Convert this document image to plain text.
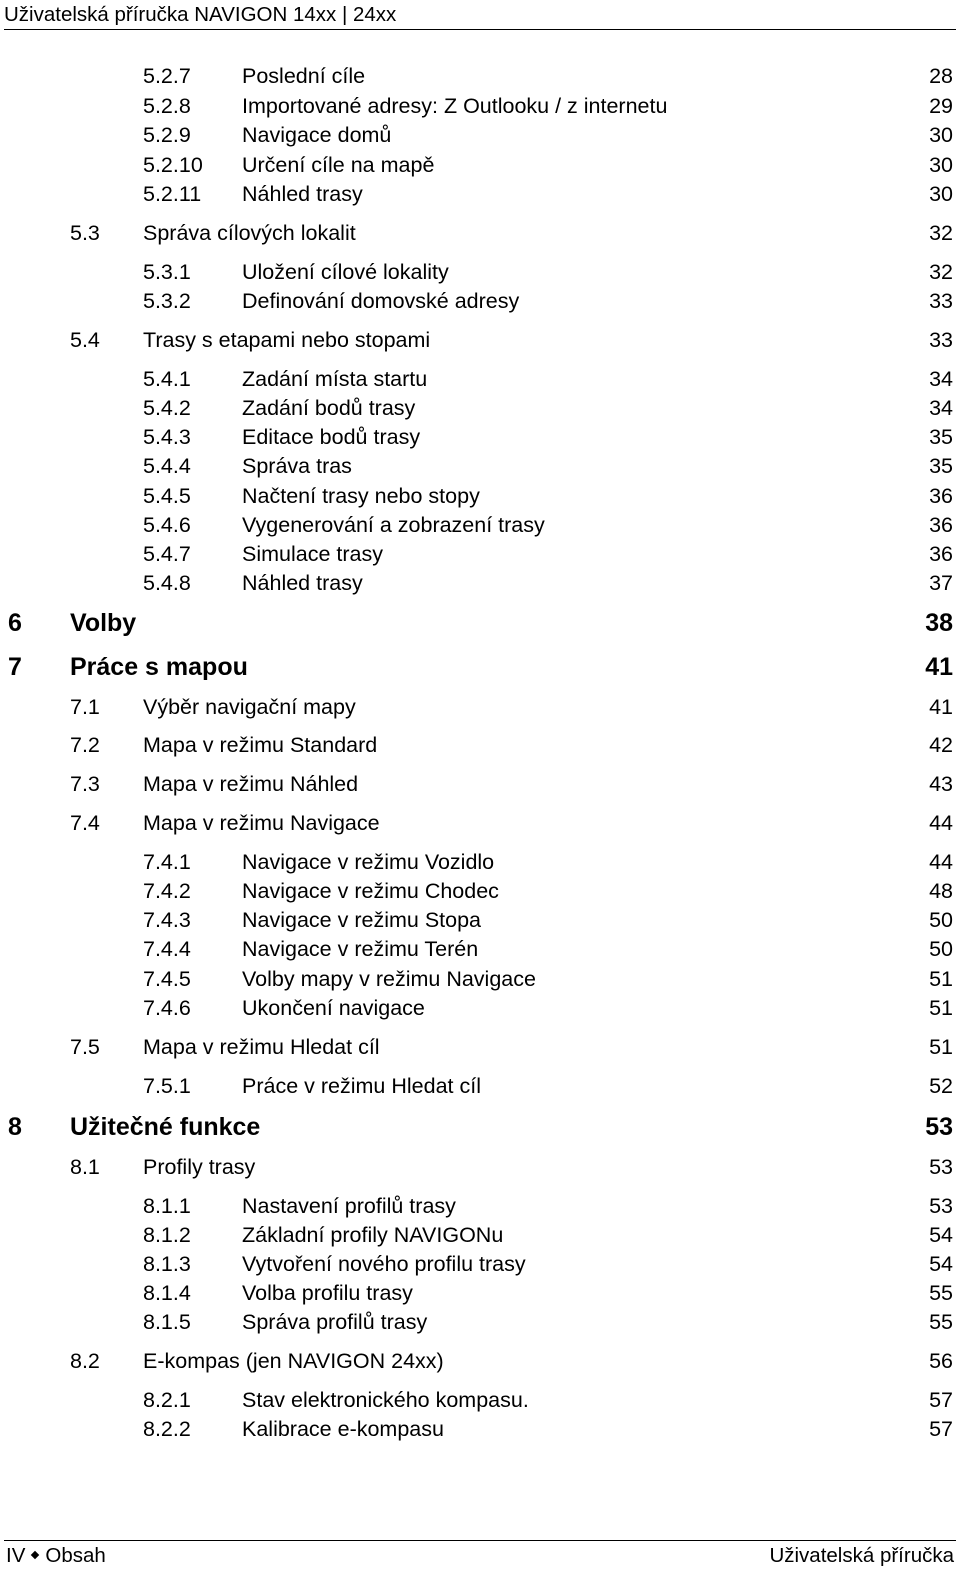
Uživatelská příručka NAVIGON 14xx | 24xx
5.2.7 Poslední cíle	28
5.2.8 Importované adresy: Z Outlooku / z internetu	29
5.2.9 Navigace domů	30
5.2.10 Určení cíle na mapě	30
5.2.11 Náhled trasy	30
5.3 Správa cílových lokalit	32
5.3.1 Uložení cílové lokality	32
5.3.2 Definování domovské adresy	33
5.4 Trasy s etapami nebo stopami	33
5.4.1 Zadání místa startu	34
5.4.2 Zadání bodů trasy	34
5.4.3 Editace bodů trasy	35
5.4.4 Správa tras	35
5.4.5 Načtení trasy nebo stopy	36
5.4.6 Vygenerování a zobrazení trasy	36
5.4.7 Simulace trasy	36
5.4.8 Náhled trasy	37
6 Volby	38
7 Práce s mapou	41
7.1 Výběr navigační mapy	41
7.2 Mapa v režimu Standard	42
7.3 Mapa v režimu Náhled	43
7.4 Mapa v režimu Navigace	44
7.4.1 Navigace v režimu Vozidlo	44
7.4.2 Navigace v režimu Chodec	48
7.4.3 Navigace v režimu Stopa	50
7.4.4 Navigace v režimu Terén	50
7.4.5 Volby mapy v režimu Navigace	51
7.4.6 Ukončení navigace	51
7.5 Mapa v režimu Hledat cíl	51
7.5.1 Práce v režimu Hledat cíl	52
8 Užitečné funkce	53
8.1 Profily trasy	53
8.1.1 Nastavení profilů trasy	53
8.1.2 Základní profily NAVIGONu	54
8.1.3 Vytvoření nového profilu trasy	54
8.1.4 Volba profilu trasy	55
8.1.5 Správa profilů trasy	55
8.2 E-kompas (jen NAVIGON 24xx)	56
8.2.1 Stav elektronického kompasu.	57
8.2.2 Kalibrace e-kompasu	57
IV Obsah	Uživatelská příručka
